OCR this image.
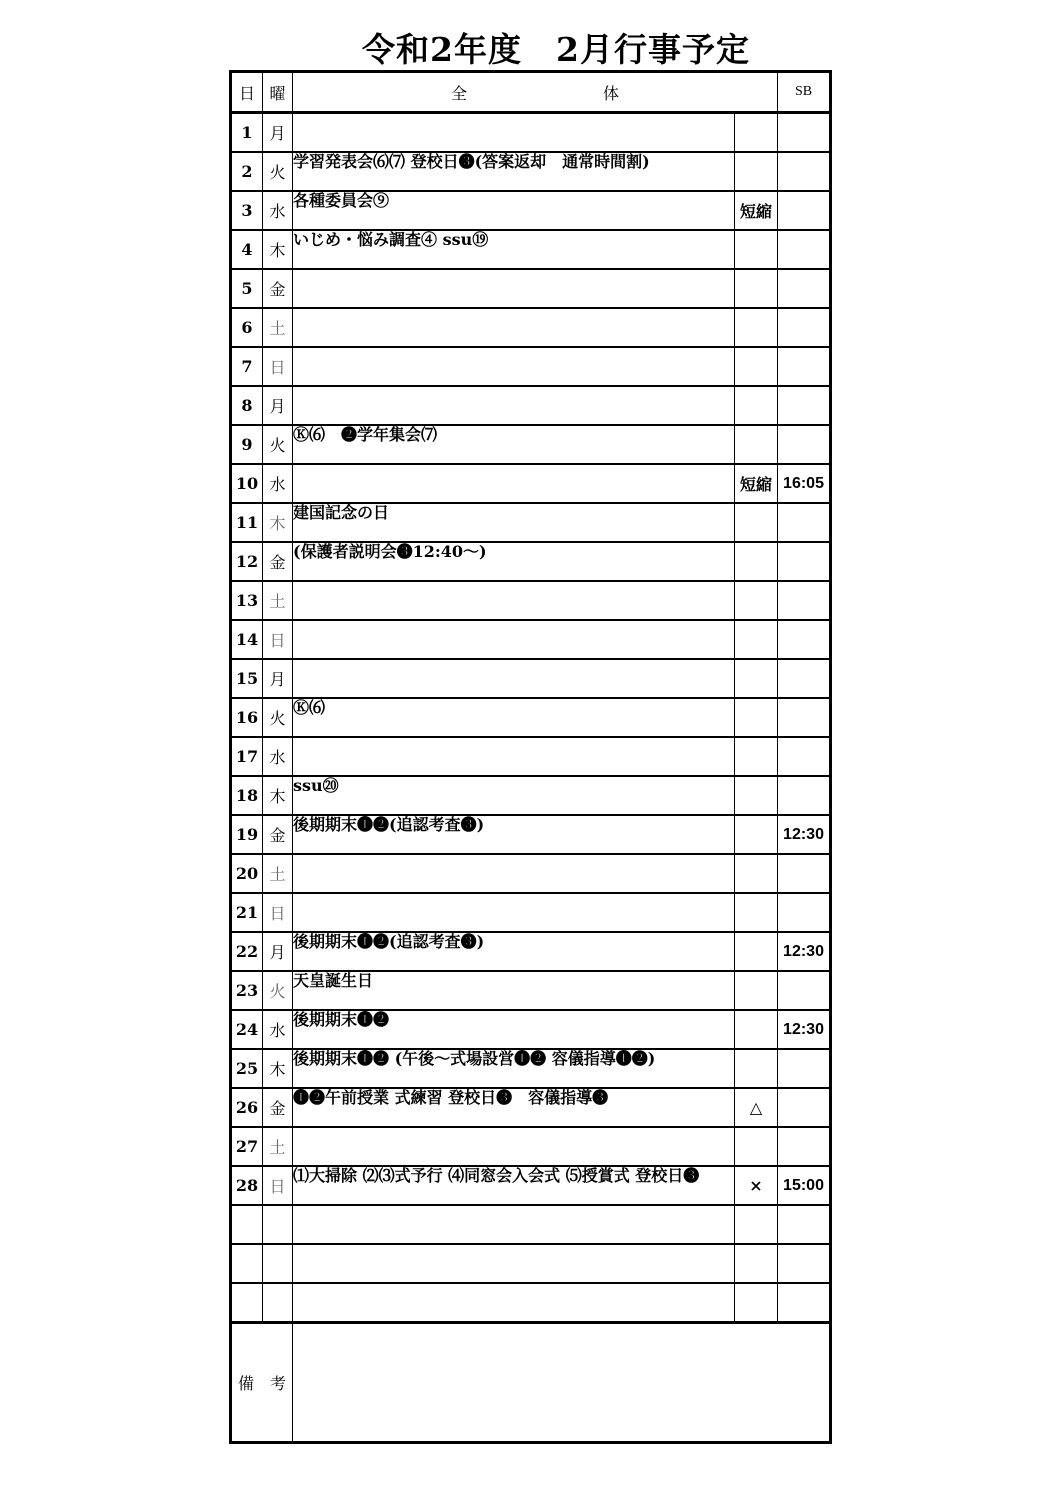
令和2年度　2月行事予定
日	曜	全　体		SB
1	月			
2	火	学習発表会⑹⑺ 登校日❸(答案返却　通常時間割)		
3	水	各種委員会⑨	短縮	
4	木	いじめ・悩み調査④ ssu⑲		
5	金			
6	土			
7	日			
8	月			
9	火	Ⓚ⑹　❷学年集会⑺		
10	水		短縮	16:05
11	木	建国記念の日		
12	金	(保護者説明会❸12:40～)		
13	土			
14	日			
15	月			
16	火	Ⓚ⑹		
17	水			
18	木	ssu⑳		
19	金	後期期末❶❷(追認考査❸)		12:30
20	土			
21	日			
22	月	後期期末❶❷(追認考査❸)		12:30
23	火	天皇誕生日		
24	水	後期期末❶❷		12:30
25	木	後期期末❶❷ (午後～式場設営❶❷ 容儀指導❶❷)		
26	金	❶❷午前授業 式練習 登校日❸　容儀指導❸	△	
27	土			
28	日	⑴大掃除 ⑵⑶式予行 ⑷同窓会入会式 ⑸授賞式 登校日❸	×	15:00

備　考				
